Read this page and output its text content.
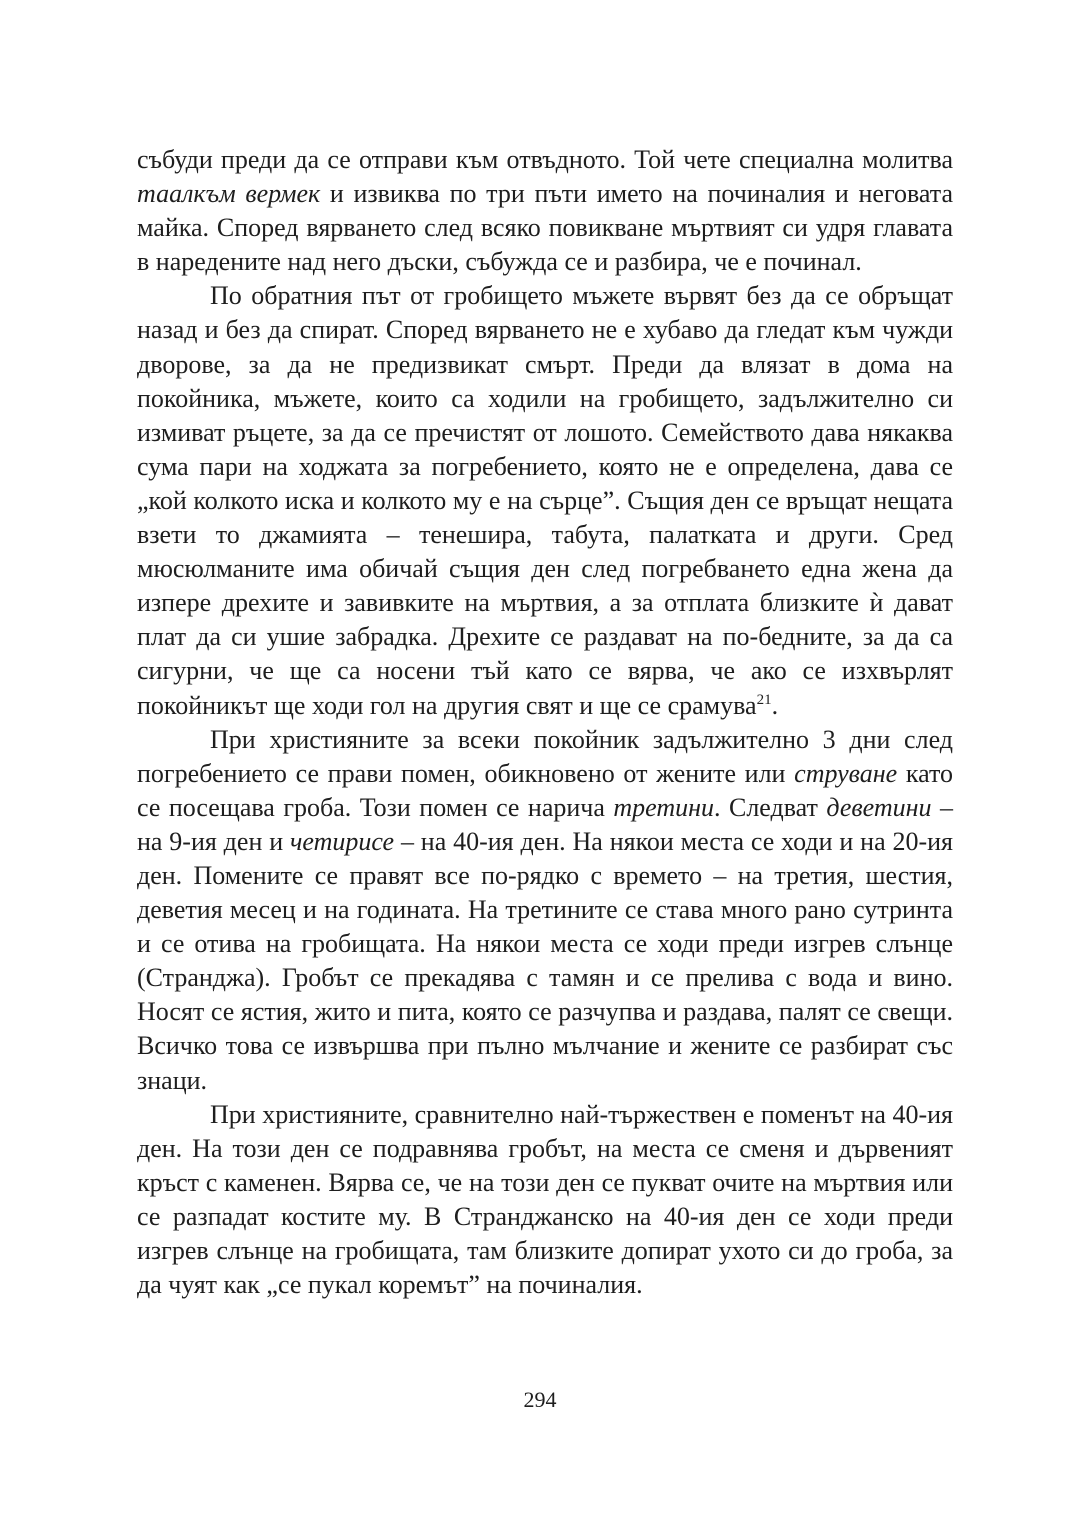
събуди преди да се отправи към отвъдното. Той чете специална молитва таалкъм вермек и извиква по три пъти името на починалия и неговата майка. Според вярването след всяко повикване мъртвият си удря главата в наредените над него дъски, събужда се и разбира, че е починал.

По обратния път от гробището мъжете вървят без да се обръщат назад и без да спират. Според вярването не е хубаво да гледат към чужди дворове, за да не предизвикат смърт. Преди да влязат в дома на покойника, мъжете, които са ходили на гробището, задължително си измиват ръцете, за да се пречистят от лошото. Семейството дава някаква сума пари на ходжата за погребението, която не е определена, дава се „кой колкото иска и колкото му е на сърце”. Същия ден се връщат нещата взети то джамията – тенешира, табута, палатката и други. Сред мюсюлманите има обичай същия ден след погребването една жена да изпере дрехите и завивките на мъртвия, а за отплата близките ѝ дават плат да си ушие забрадка. Дрехите се раздават на по-бедните, за да са сигурни, че ще са носени тъй като се вярва, че ако се изхвърлят покойникът ще ходи гол на другия свят и ще се срамува$^{21}$.

При християните за всеки покойник задължително 3 дни след погребението се прави помен, обикновено от жените или струване като се посещава гроба. Този помен се нарича третини. Следват деветини – на 9-ия ден и четирисе – на 40-ия ден. На някои места се ходи и на 20-ия ден. Помените се правят все по-рядко с времето – на третия, шестия, деветия месец и на годината. На третините се става много рано сутринта и се отива на гробищата. На някои места се ходи преди изгрев слънце (Странджа). Гробът се прекадява с тамян и се прелива с вода и вино. Носят се ястия, жито и пита, която се разчупва и раздава, палят се свещи. Всичко това се извършва при пълно мълчание и жените се разбират със знаци.

При християните, сравнително най-тържествен е поменът на 40-ия ден. На този ден се подравнява гробът, на места се сменя и дървеният кръст с каменен. Вярва се, че на този ден се пукват очите на мъртвия или се разпадат костите му. В Странджанско на 40-ия ден се ходи преди изгрев слънце на гробищата, там близките допират ухото си до гроба, за да чуят как „се пукал коремът” на починалия.

294
